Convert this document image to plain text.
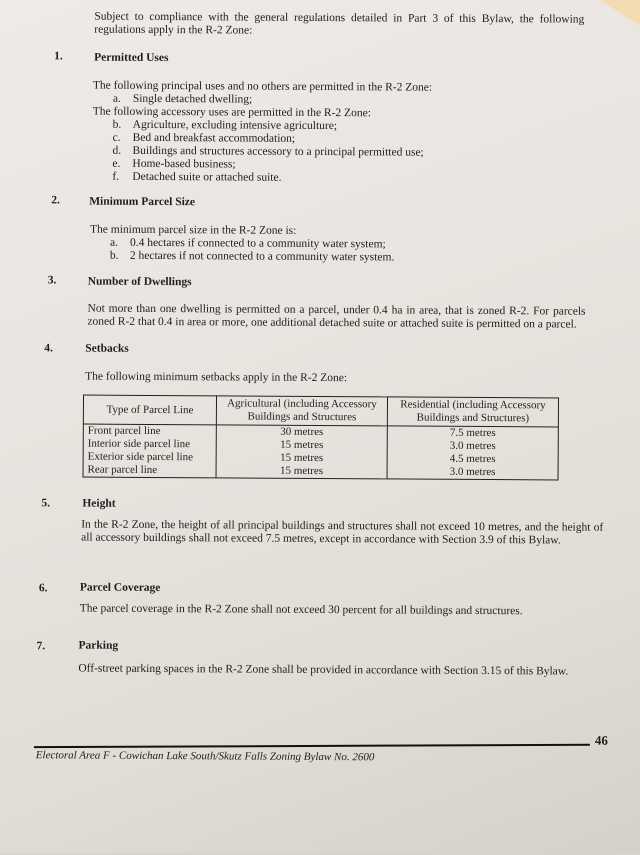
Subject to compliance with the general regulations detailed in Part 3 of this Bylaw, the following regulations apply in the R-2 Zone:
1.	Permitted Uses
The following principal uses and no others are permitted in the R-2 Zone:
a.	Single detached dwelling;
The following accessory uses are permitted in the R-2 Zone:
b. Agriculture, excluding intensive agriculture;
c.	Bed and breakfast accommodation;
d. Buildings and structures accessory to a principal permitted use;
e.	Home-based business;
f.	Detached suite or attached suite.
2.	Minimum Parcel Size
The minimum parcel size in the R-2 Zone is:
a.	0.4 hectares if connected to a community water system;
b. 2 hectares if not connected to a community water system.
3.	Number of Dwellings
Not more than one dwelling is permitted on a parcel, under 0.4 ha in area, that is zoned R-2. For parcels zoned R-2 that 0.4 in area or more, one additional detached suite or attached suite is permitted on a parcel.
4.	Setbacks
The following minimum setbacks apply in the R-2 Zone:
Type of Parcel Line	Agricultural (including Accessory Buildings and Structures	Residential (including Accessory Buildings and Structures)
Front parcel line	30 metres	7.5 metres
Interior side parcel line	15 metres	3.0 metres
Exterior side parcel line	15 metres	4.5 metres
Rear parcel line	15 metres	3.0 metres
5.	Height
In the R-2 Zone, the height of all principal buildings and structures shall not exceed 10 metres, and the height of all accessory buildings shall not exceed 7.5 metres, except in accordance with Section 3.9 of this Bylaw.
6.	Parcel Coverage
The parcel coverage in the R-2 Zone shall not exceed 30 percent for all buildings and structures.
7.	Parking
Off-street parking spaces in the R-2 Zone shall be provided in accordance with Section 3.15 of this Bylaw.
46
Electoral Area F - Cowichan Lake South/Skutz Falls Zoning Bylaw No. 2600
